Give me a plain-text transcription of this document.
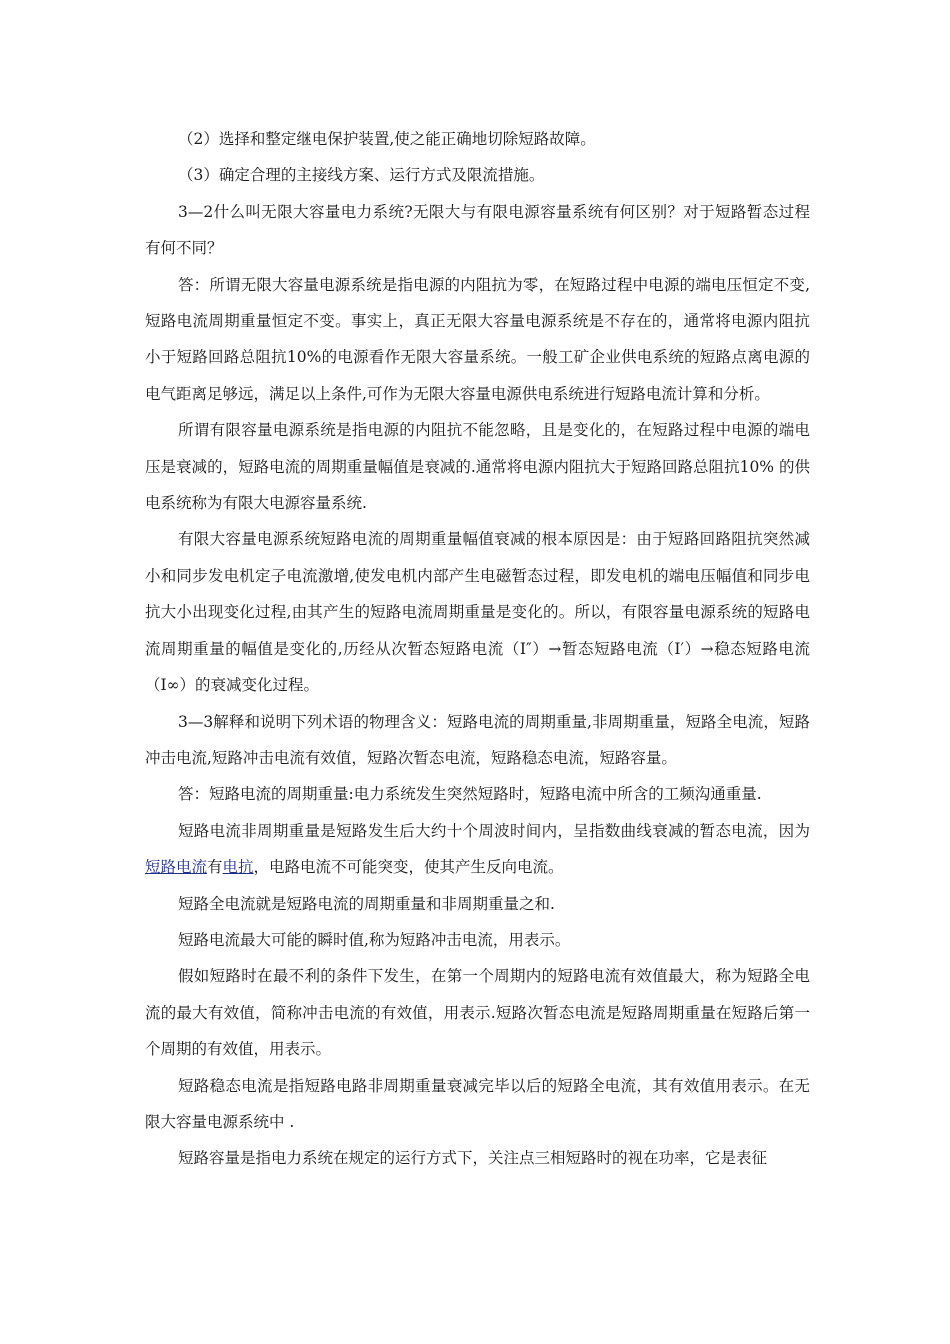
（2）选择和整定继电保护装置,使之能正确地切除短路故障。

（3）确定合理的主接线方案、运行方式及限流措施。

3—2什么叫无限大容量电力系统?无限大与有限电源容量系统有何区别？对于短路暂态过程有何不同？

答：所谓无限大容量电源系统是指电源的内阻抗为零，在短路过程中电源的端电压恒定不变,短路电流周期重量恒定不变。事实上，真正无限大容量电源系统是不存在的，通常将电源内阻抗小于短路回路总阻抗10%的电源看作无限大容量系统。一般工矿企业供电系统的短路点离电源的电气距离足够远，满足以上条件,可作为无限大容量电源供电系统进行短路电流计算和分析。

所谓有限容量电源系统是指电源的内阻抗不能忽略，且是变化的，在短路过程中电源的端电压是衰减的，短路电流的周期重量幅值是衰减的.通常将电源内阻抗大于短路回路总阻抗10% 的供电系统称为有限大电源容量系统.

有限大容量电源系统短路电流的周期重量幅值衰减的根本原因是：由于短路回路阻抗突然减小和同步发电机定子电流激增,使发电机内部产生电磁暂态过程，即发电机的端电压幅值和同步电抗大小出现变化过程,由其产生的短路电流周期重量是变化的。所以，有限容量电源系统的短路电流周期重量的幅值是变化的,历经从次暂态短路电流（I″）→暂态短路电流（I′）→稳态短路电流（I∞）的衰减变化过程。

3—3解释和说明下列术语的物理含义：短路电流的周期重量,非周期重量，短路全电流，短路冲击电流,短路冲击电流有效值，短路次暂态电流，短路稳态电流，短路容量。

答：短路电流的周期重量:电力系统发生突然短路时，短路电流中所含的工频沟通重量.

短路电流非周期重量是短路发生后大约十个周波时间内，呈指数曲线衰减的暂态电流，因为短路电流有电抗，电路电流不可能突变，使其产生反向电流。

短路全电流就是短路电流的周期重量和非周期重量之和.

短路电流最大可能的瞬时值,称为短路冲击电流，用表示。

假如短路时在最不利的条件下发生，在第一个周期内的短路电流有效值最大，称为短路全电流的最大有效值，简称冲击电流的有效值，用表示.短路次暂态电流是短路周期重量在短路后第一个周期的有效值，用表示。

短路稳态电流是指短路电路非周期重量衰减完毕以后的短路全电流，其有效值用表示。在无限大容量电源系统中 .

短路容量是指电力系统在规定的运行方式下，关注点三相短路时的视在功率，它是表征
